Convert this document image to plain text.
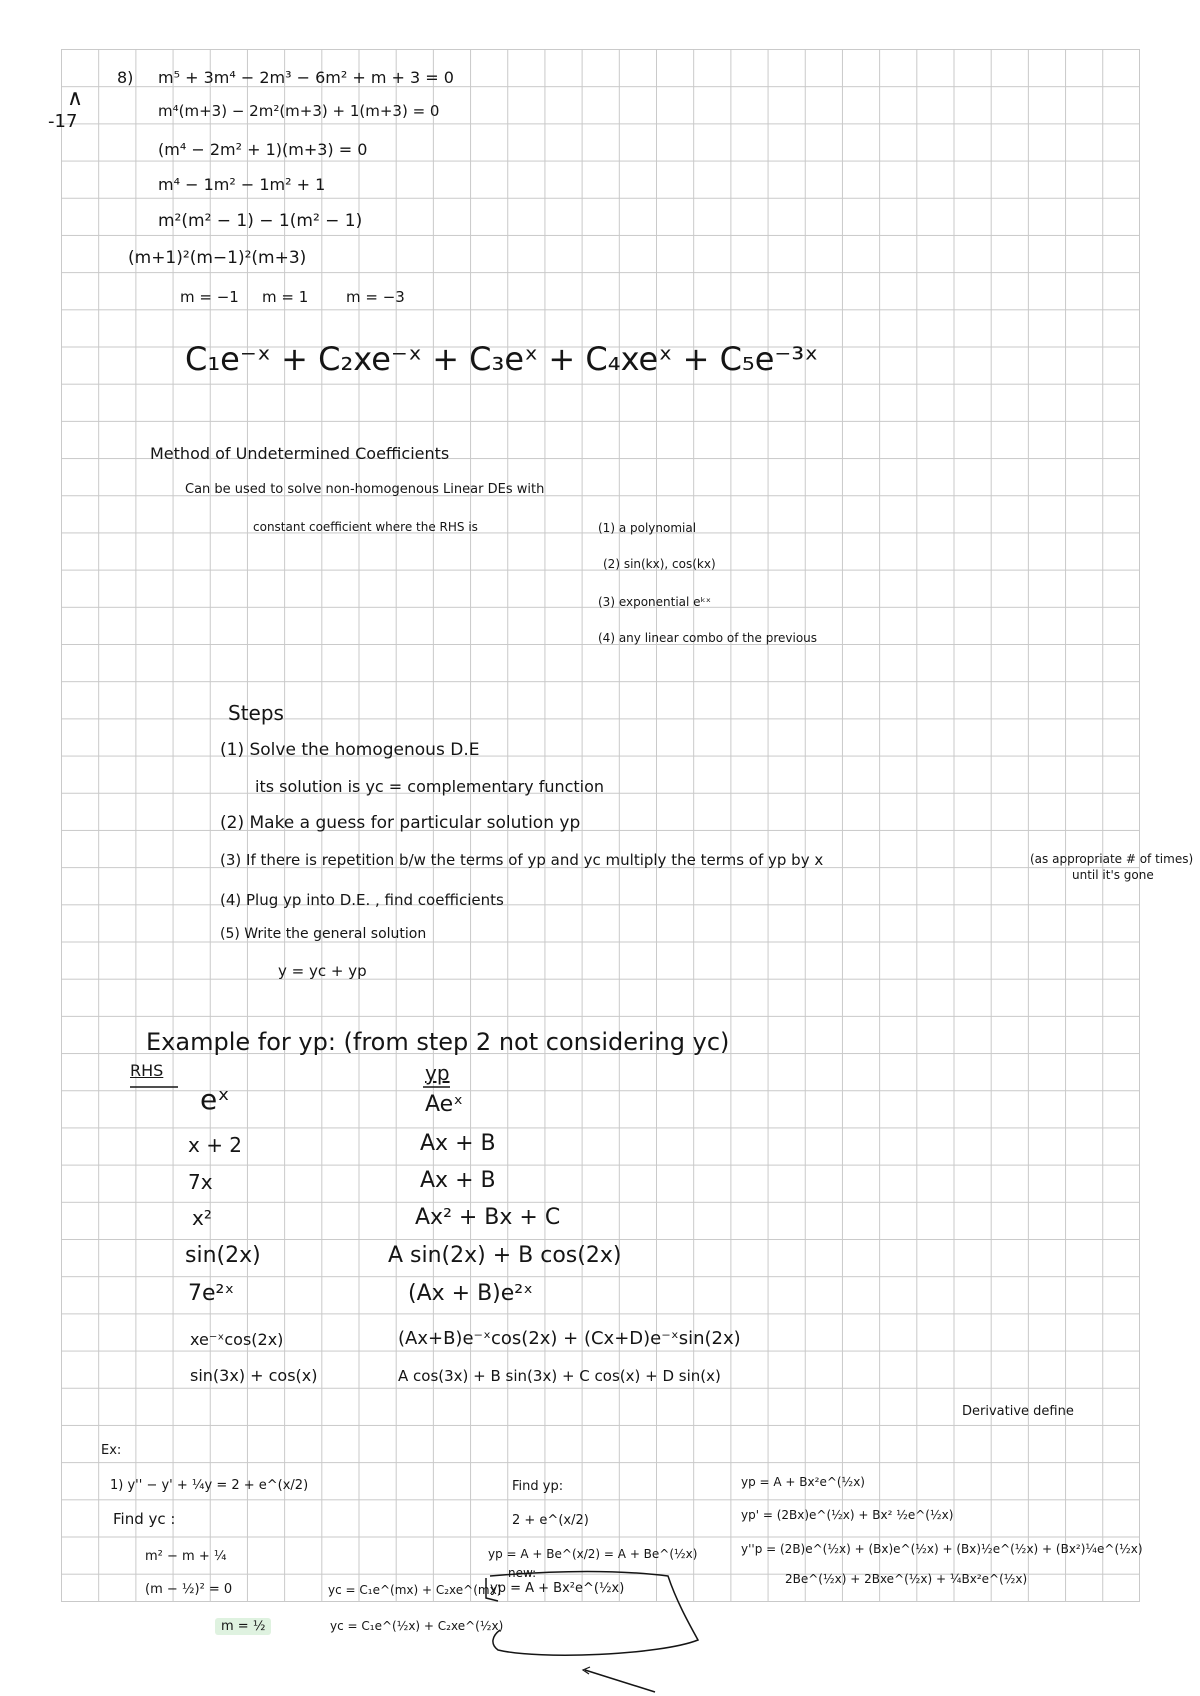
∧
-17
8) m⁵ + 3m⁴ − 2m³ − 6m² + m + 3 = 0
m⁴(m+3) − 2m²(m+3) + 1(m+3) = 0
(m⁴ − 2m² + 1)(m+3) = 0
m⁴ − 1m² − 1m² + 1
m²(m² − 1) − 1(m² − 1)
(m+1)²(m−1)²(m+3)
m = −1 m = 1	m = −3
C₁e⁻ˣ + C₂xe⁻ˣ + C₃eˣ + C₄xeˣ + C₅e⁻³ˣ
Method of Undetermined Coefficients
Can be used to solve non-homogenous Linear DEs with
constant coefficient where the RHS is	(1) a polynomial
(2) sin(kx), cos(kx)
(3) exponential eᵏˣ
(4) any linear combo of the previous
Steps
(1) Solve the homogenous D.E
its solution is yc = complementary function
(2) Make a guess for particular solution yp
(3) If there is repetition b/w the terms of yp and yc multiply the terms of yp by x	(as appropriate # of times)
until it's gone
(4) Plug yp into D.E. , find coefficients
(5) Write the general solution
y = yc + yp
Example for yp: (from step 2 not considering yc)
RHS	yp
eˣ	Aeˣ
x + 2	Ax + B
7x	Ax + B
x²	Ax² + Bx + C
sin(2x)	A sin(2x) + B cos(2x)
7e²ˣ	(Ax + B)e²ˣ
xe⁻ˣcos(2x)	(Ax+B)e⁻ˣcos(2x) + (Cx+D)e⁻ˣsin(2x)
sin(3x) + cos(x)	A cos(3x) + B sin(3x) + C cos(x) + D sin(x)
Derivative define
Ex:
1) y'' − y' + ¼y = 2 + e^(x/2)
Find yc :
m² − m + ¼
(m − ½)² = 0
m = ½
yc = C₁e^(mx) + C₂xe^(mx)
yc = C₁e^(½x) + C₂xe^(½x)
Find yp:
2 + e^(x/2)
yp = A + Be^(x/2) = A + Be^(½x)
new:
yp = A + Bx²e^(½x)
yp = A + Bx²e^(½x)
yp' = (2Bx)e^(½x) + Bx² ½e^(½x)
y''p = (2B)e^(½x) + (Bx)e^(½x) + (Bx)½e^(½x) + (Bx²)¼e^(½x)
2Be^(½x) + 2Bxe^(½x) + ¼Bx²e^(½x)
